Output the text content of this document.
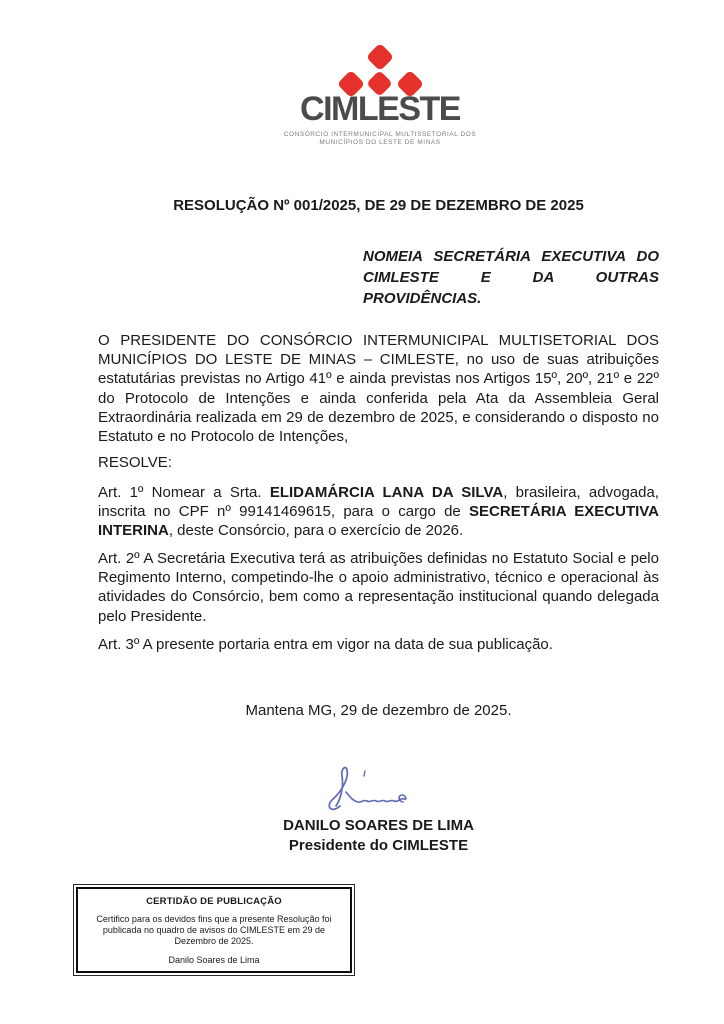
CIMLESTE
CONSÓRCIO INTERMUNICIPAL MULTISSETORIAL DOS
MUNICÍPIOS DO LESTE DE MINAS
RESOLUÇÃO Nº 001/2025, DE 29 DE DEZEMBRO DE 2025
NOMEIA SECRETÁRIA EXECUTIVA DO CIMLESTE E DA OUTRAS PROVIDÊNCIAS.
O PRESIDENTE DO CONSÓRCIO INTERMUNICIPAL MULTISETORIAL DOS MUNICÍPIOS DO LESTE DE MINAS – CIMLESTE, no uso de suas atribuições estatutárias previstas no Artigo 41º e ainda previstas nos Artigos 15º, 20º, 21º e 22º do Protocolo de Intenções e ainda conferida pela Ata da Assembleia Geral Extraordinária realizada em 29 de dezembro de 2025, e considerando o disposto no Estatuto e no Protocolo de Intenções,
RESOLVE:
Art. 1º Nomear a Srta. ELIDAMÁRCIA LANA DA SILVA, brasileira, advogada, inscrita no CPF nº 99141469615, para o cargo de SECRETÁRIA EXECUTIVA INTERINA, deste Consórcio, para o exercício de 2026.
Art. 2º A Secretária Executiva terá as atribuições definidas no Estatuto Social e pelo Regimento Interno, competindo-lhe o apoio administrativo, técnico e operacional às atividades do Consórcio, bem como a representação institucional quando delegada pelo Presidente.
Art. 3º A presente portaria entra em vigor na data de sua publicação.
Mantena MG, 29 de dezembro de 2025.
DANILO SOARES DE LIMA
Presidente do CIMLESTE
CERTIDÃO DE PUBLICAÇÃO
Certifico para os devidos fins que a presente Resolução foi publicada no quadro de avisos do CIMLESTE em 29 de Dezembro de 2025.
Danilo Soares de Lima
